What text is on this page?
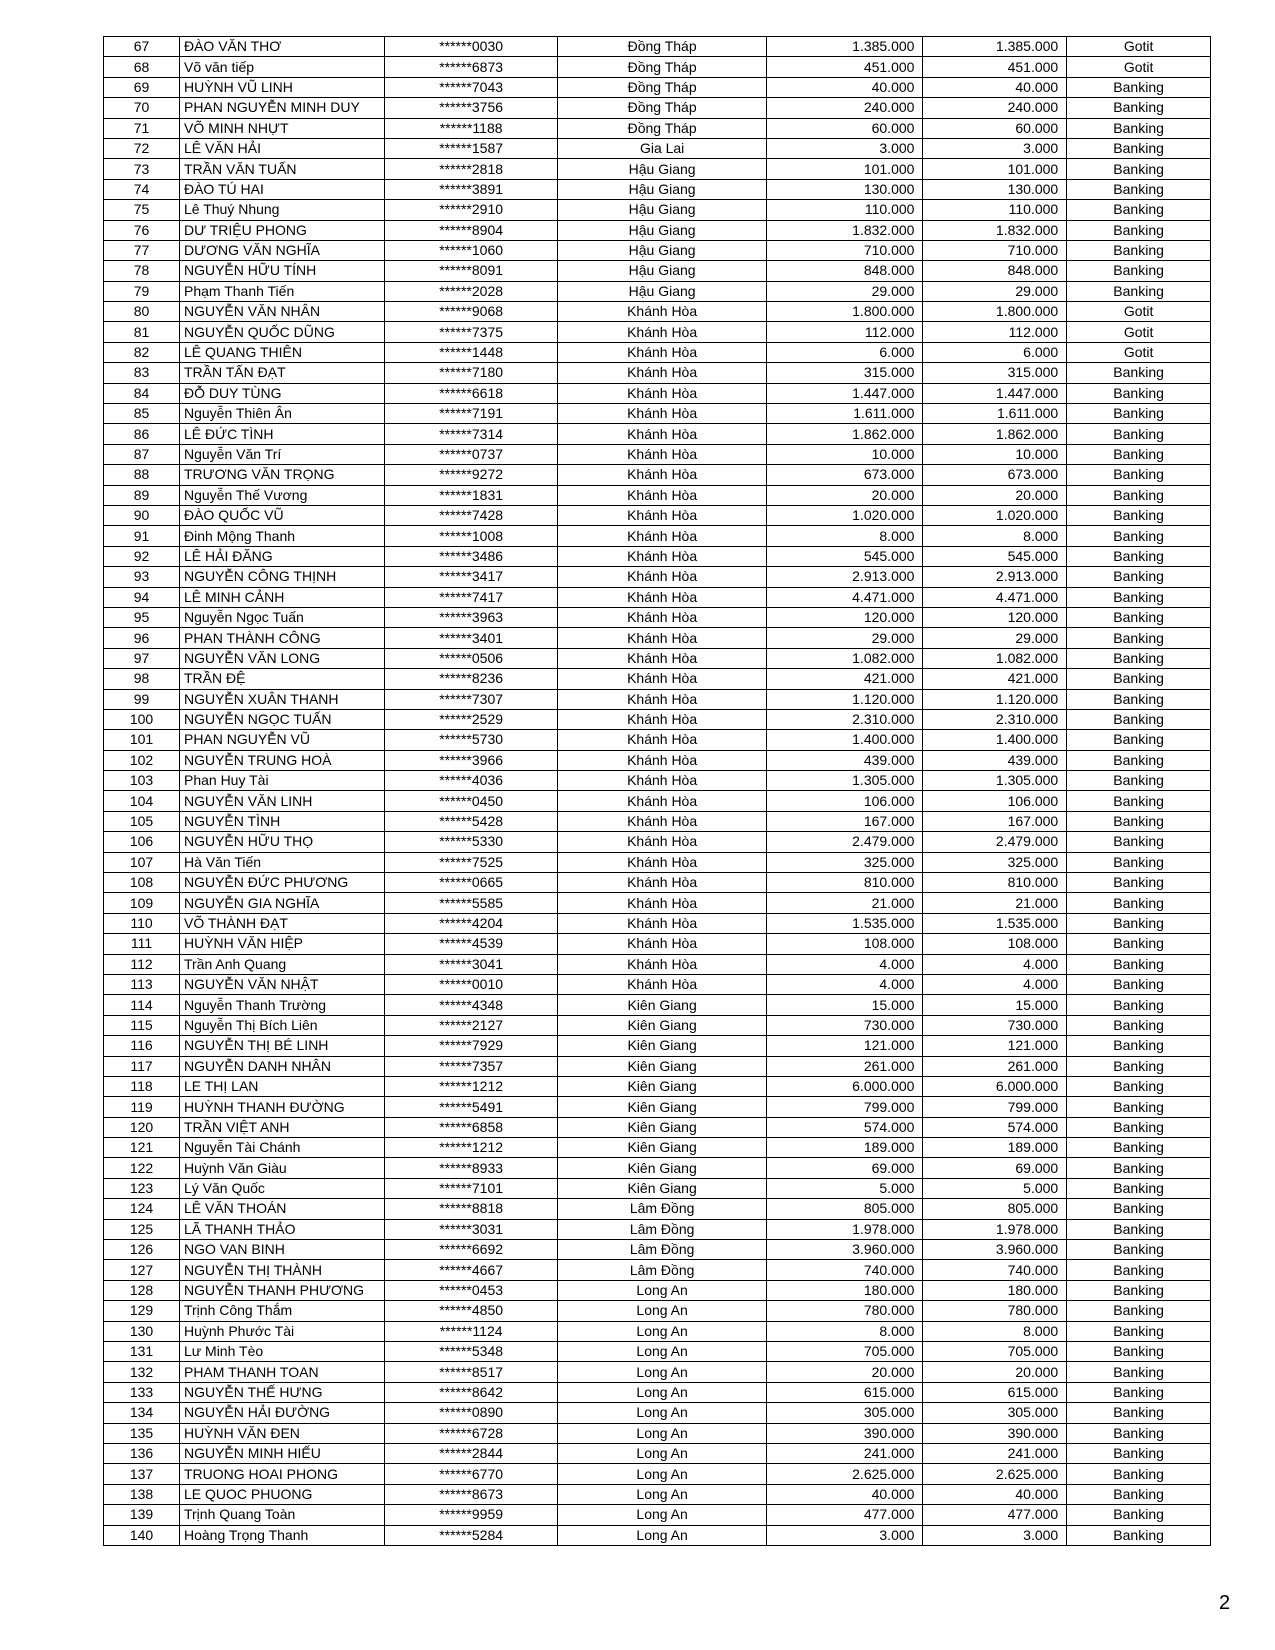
67	ĐÀO VĂN THƠ	******0030	Đồng Tháp	1.385.000	1.385.000	Gotit
68	Võ văn tiếp	******6873	Đồng Tháp	451.000	451.000	Gotit
69	HUỲNH VŨ LINH	******7043	Đồng Tháp	40.000	40.000	Banking
70	PHAN NGUYỄN MINH DUY	******3756	Đồng Tháp	240.000	240.000	Banking
71	VÕ MINH NHỰT	******1188	Đồng Tháp	60.000	60.000	Banking
72	LÊ VĂN HẢI	******1587	Gia Lai	3.000	3.000	Banking
73	TRẦN VĂN TUẤN	******2818	Hậu Giang	101.000	101.000	Banking
74	ĐÀO TÚ HAI	******3891	Hậu Giang	130.000	130.000	Banking
75	Lê Thuý Nhung	******2910	Hậu Giang	110.000	110.000	Banking
76	DƯ TRIỆU PHONG	******8904	Hậu Giang	1.832.000	1.832.000	Banking
77	DƯƠNG VĂN NGHĨA	******1060	Hậu Giang	710.000	710.000	Banking
78	NGUYỄN HỮU TÍNH	******8091	Hậu Giang	848.000	848.000	Banking
79	Phạm Thanh Tiến	******2028	Hậu Giang	29.000	29.000	Banking
80	NGUYỄN VĂN NHÂN	******9068	Khánh Hòa	1.800.000	1.800.000	Gotit
81	NGUYỄN QUỐC DŨNG	******7375	Khánh Hòa	112.000	112.000	Gotit
82	LÊ QUANG THIÊN	******1448	Khánh Hòa	6.000	6.000	Gotit
83	TRẦN TẤN ĐẠT	******7180	Khánh Hòa	315.000	315.000	Banking
84	ĐỖ DUY TÙNG	******6618	Khánh Hòa	1.447.000	1.447.000	Banking
85	Nguyễn Thiên Ân	******7191	Khánh Hòa	1.611.000	1.611.000	Banking
86	LÊ ĐỨC TÌNH	******7314	Khánh Hòa	1.862.000	1.862.000	Banking
87	Nguyễn Văn Trí	******0737	Khánh Hòa	10.000	10.000	Banking
88	TRƯƠNG VĂN TRỌNG	******9272	Khánh Hòa	673.000	673.000	Banking
89	Nguyễn Thế Vương	******1831	Khánh Hòa	20.000	20.000	Banking
90	ĐÀO QUỐC VŨ	******7428	Khánh Hòa	1.020.000	1.020.000	Banking
91	Đinh Mộng Thanh	******1008	Khánh Hòa	8.000	8.000	Banking
92	LÊ HẢI ĐĂNG	******3486	Khánh Hòa	545.000	545.000	Banking
93	NGUYỄN CÔNG THỊNH	******3417	Khánh Hòa	2.913.000	2.913.000	Banking
94	LÊ MINH CẢNH	******7417	Khánh Hòa	4.471.000	4.471.000	Banking
95	Nguyễn Ngọc Tuấn	******3963	Khánh Hòa	120.000	120.000	Banking
96	PHAN THÀNH CÔNG	******3401	Khánh Hòa	29.000	29.000	Banking
97	NGUYỄN VĂN LONG	******0506	Khánh Hòa	1.082.000	1.082.000	Banking
98	TRẦN ĐỆ	******8236	Khánh Hòa	421.000	421.000	Banking
99	NGUYỄN XUÂN THANH	******7307	Khánh Hòa	1.120.000	1.120.000	Banking
100	NGUYỄN NGỌC TUẤN	******2529	Khánh Hòa	2.310.000	2.310.000	Banking
101	PHAN NGUYỄN VŨ	******5730	Khánh Hòa	1.400.000	1.400.000	Banking
102	NGUYỄN TRUNG HOÀ	******3966	Khánh Hòa	439.000	439.000	Banking
103	Phan Huy Tài	******4036	Khánh Hòa	1.305.000	1.305.000	Banking
104	NGUYỄN VĂN LINH	******0450	Khánh Hòa	106.000	106.000	Banking
105	NGUYỄN TÌNH	******5428	Khánh Hòa	167.000	167.000	Banking
106	NGUYỄN HỮU THỌ	******5330	Khánh Hòa	2.479.000	2.479.000	Banking
107	Hà Văn Tiến	******7525	Khánh Hòa	325.000	325.000	Banking
108	NGUYỄN ĐỨC PHƯƠNG	******0665	Khánh Hòa	810.000	810.000	Banking
109	NGUYỄN GIA NGHĨA	******5585	Khánh Hòa	21.000	21.000	Banking
110	VÕ THÀNH ĐẠT	******4204	Khánh Hòa	1.535.000	1.535.000	Banking
111	HUỲNH VĂN HIỆP	******4539	Khánh Hòa	108.000	108.000	Banking
112	Trần Anh Quang	******3041	Khánh Hòa	4.000	4.000	Banking
113	NGUYỄN VĂN NHẬT	******0010	Khánh Hòa	4.000	4.000	Banking
114	Nguyễn Thanh Trường	******4348	Kiên Giang	15.000	15.000	Banking
115	Nguyễn Thị Bích Liên	******2127	Kiên Giang	730.000	730.000	Banking
116	NGUYỄN THỊ BÉ LINH	******7929	Kiên Giang	121.000	121.000	Banking
117	NGUYỄN DANH NHÂN	******7357	Kiên Giang	261.000	261.000	Banking
118	LE THỊ LAN	******1212	Kiên Giang	6.000.000	6.000.000	Banking
119	HUỲNH THANH ĐƯỜNG	******5491	Kiên Giang	799.000	799.000	Banking
120	TRẦN VIỆT ANH	******6858	Kiên Giang	574.000	574.000	Banking
121	Nguyễn Tài Chánh	******1212	Kiên Giang	189.000	189.000	Banking
122	Huỳnh Văn Giàu	******8933	Kiên Giang	69.000	69.000	Banking
123	Lý Văn Quốc	******7101	Kiên Giang	5.000	5.000	Banking
124	LÊ VĂN THOÁN	******8818	Lâm Đồng	805.000	805.000	Banking
125	LÃ THANH THẢO	******3031	Lâm Đồng	1.978.000	1.978.000	Banking
126	NGO VAN BINH	******6692	Lâm Đồng	3.960.000	3.960.000	Banking
127	NGUYỄN THỊ THÀNH	******4667	Lâm Đồng	740.000	740.000	Banking
128	NGUYỄN THANH PHƯƠNG	******0453	Long An	180.000	180.000	Banking
129	Trịnh Công Thắm	******4850	Long An	780.000	780.000	Banking
130	Huỳnh Phước Tài	******1124	Long An	8.000	8.000	Banking
131	Lư Minh Tèo	******5348	Long An	705.000	705.000	Banking
132	PHAM THANH TOAN	******8517	Long An	20.000	20.000	Banking
133	NGUYỄN THẾ HƯNG	******8642	Long An	615.000	615.000	Banking
134	NGUYỄN HẢI ĐƯỜNG	******0890	Long An	305.000	305.000	Banking
135	HUỲNH VĂN ĐEN	******6728	Long An	390.000	390.000	Banking
136	NGUYỄN MINH HIẾU	******2844	Long An	241.000	241.000	Banking
137	TRUONG HOAI PHONG	******6770	Long An	2.625.000	2.625.000	Banking
138	LE QUOC PHUONG	******8673	Long An	40.000	40.000	Banking
139	Trịnh Quang Toàn	******9959	Long An	477.000	477.000	Banking
140	Hoàng Trọng Thanh	******5284	Long An	3.000	3.000	Banking
2
